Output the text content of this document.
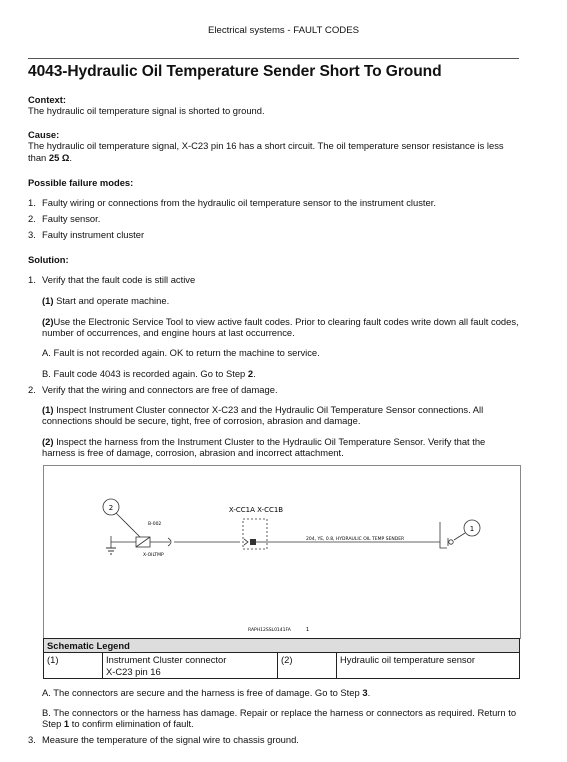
Electrical systems - FAULT CODES
4043-Hydraulic Oil Temperature Sender Short To Ground
Context:
The hydraulic oil temperature signal is shorted to ground.
Cause:
The hydraulic oil temperature signal, X-C23 pin 16 has a short circuit. The oil temperature sensor resistance is less than 25 Ω.
Possible failure modes:
1. Faulty wiring or connections from the hydraulic oil temperature sensor to the instrument cluster.
2. Faulty sensor.
3. Faulty instrument cluster
Solution:
1. Verify that the fault code is still active
(1) Start and operate machine.
(2)Use the Electronic Service Tool to view active fault codes. Prior to clearing fault codes write down all fault codes, number of occurrences, and engine hours at last occurrence.
A. Fault is not recorded again. OK to return the machine to service.
B. Fault code 4043 is recorded again. Go to Step 2.
2. Verify that the wiring and connectors are free of damage.
(1) Inspect Instrument Cluster connector X-C23 and the Hydraulic Oil Temperature Sensor connections. All connections should be secure, tight, free of corrosion, abrasion and damage.
(2) Inspect the harness from the Instrument Cluster to the Hydraulic Oil Temperature Sensor. Verify that the harness is free of damage, corrosion, abrasion and incorrect attachment.
2
B-002
X-OILTMP
X-CC1A X-CC1B
204, YE, 0.8, HYDRAULIC OIL TEMP SENDER
1
RAPH12SSL0141FA	1
Schematic Legend
(1)	Instrument Cluster connector
X-C23 pin 16
	(2)	Hydraulic oil temperature sensor
A. The connectors are secure and the harness is free of damage. Go to Step 3.
B. The connectors or the harness has damage. Repair or replace the harness or connectors as required. Return to Step 1 to confirm elimination of fault.
3. Measure the temperature of the signal wire to chassis ground.
